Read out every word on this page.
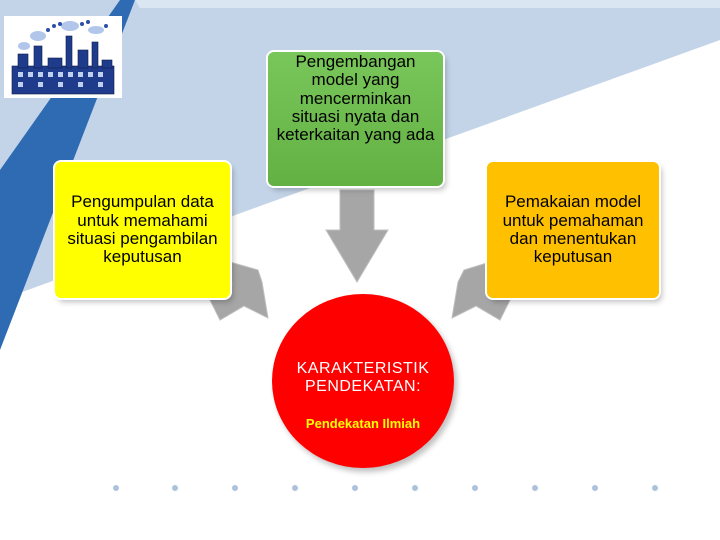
Pengumpulan data untuk memahami situasi pengambilan keputusan
Pengembangan model yang mencerminkan situasi nyata dan keterkaitan yang ada
Pemakaian model untuk pemahaman dan menentukan keputusan
KARAKTERISTIK PENDEKATAN:
Pendekatan Ilmiah
